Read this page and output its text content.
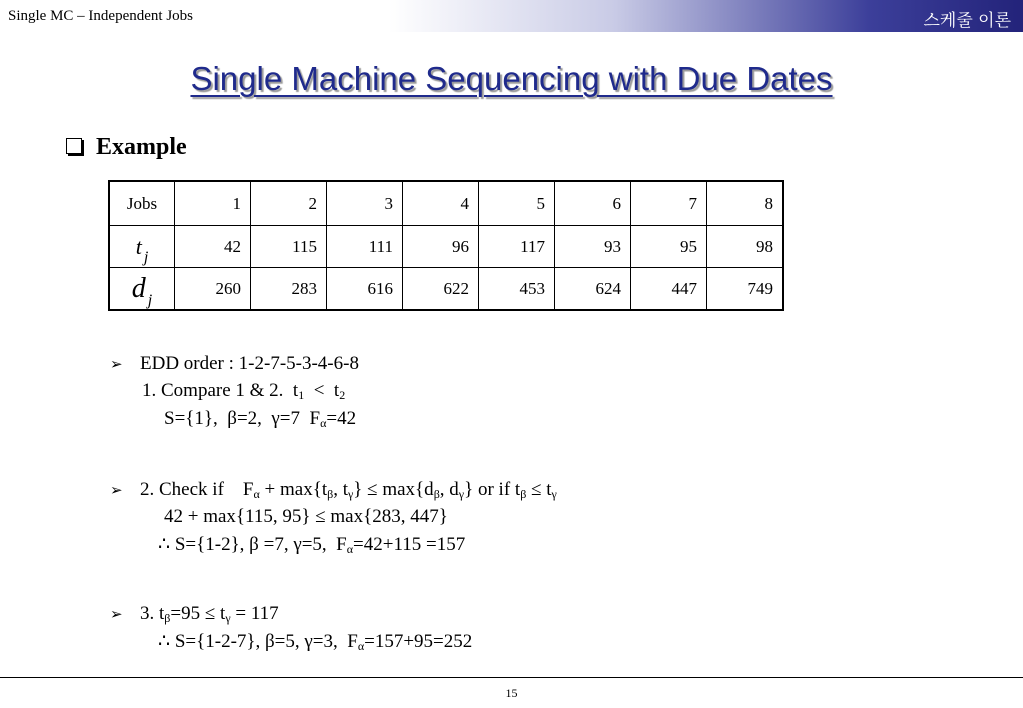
Single MC – Independent Jobs	스케줄 이론
Single Machine Sequencing with Due Dates
Example
Jobs	1	2	3	4	5	6	7	8
t j	42	115	111	96	117	93	95	98
d j	260	283	616	622	453	624	447	749
➢ EDD order : 1-2-7-5-3-4-6-8
1. Compare 1 & 2.  $t_1 < t_2$
S={1},  β=2,  γ=7  $F_\alpha=42$
➢ 2. Check if    $F_\alpha + \max\{t_\beta$, $t_\gamma\} \le \max\{d_\beta$, $d_\gamma$} or if $t_\beta \le t_\gamma$
42 + max{115, 95} ≤ max{283, 447}
∴ S={1-2}, β =7, γ=5,  $F_\alpha=42+115 =157$
➢ 3. $t_\beta=95 \le t_\gamma = 117$
∴ S={1-2-7}, β=5, γ=3,  $F_\alpha=157+95=252$
15
